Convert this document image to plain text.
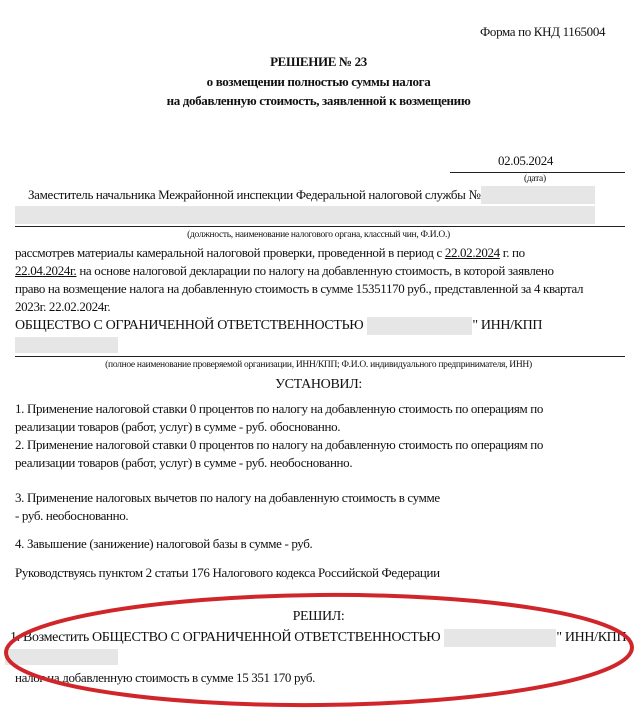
Форма по КНД 1165004
РЕШЕНИЕ № 23
о возмещении полностью суммы налога
на добавленную стоимость, заявленной к возмещению
02.05.2024
(дата)
Заместитель начальника Межрайонной инспекции Федеральной налоговой службы №
(должность, наименование налогового органа, классный чин, Ф.И.О.)
рассмотрев материалы камеральной налоговой проверки, проведенной в период с 22.02.2024 г. по
22.04.2024г. на основе налоговой декларации по налогу на добавленную стоимость, в которой заявлено
право на возмещение налога на добавленную стоимость в сумме 15351170 руб., представленной за 4 квартал
2023г. 22.02.2024г.
ОБЩЕСТВО С ОГРАНИЧЕННОЙ ОТВЕТСТВЕННОСТЬЮ	" ИНН/КПП
(полное наименование проверяемой организации, ИНН/КПП; Ф.И.О. индивидуального предпринимателя, ИНН)
УСТАНОВИЛ:
1. Применение налоговой ставки 0 процентов по налогу на добавленную стоимость по операциям по
реализации товаров (работ, услуг) в сумме - руб. обоснованно.
2. Применение налоговой ставки 0 процентов по налогу на добавленную стоимость по операциям по
реализации товаров (работ, услуг) в сумме - руб. необоснованно.
3. Применение налоговых вычетов по налогу на добавленную стоимость в сумме
- руб. необоснованно.
4. Завышение (занижение) налоговой базы в сумме - руб.
Руководствуясь пунктом 2 статьи 176 Налогового кодекса Российской Федерации
РЕШИЛ:
1. Возместить ОБЩЕСТВО С ОГРАНИЧЕННОЙ ОТВЕТСТВЕННОСТЬЮ	" ИНН/КПП
налог на добавленную стоимость в сумме 15 351 170 руб.
